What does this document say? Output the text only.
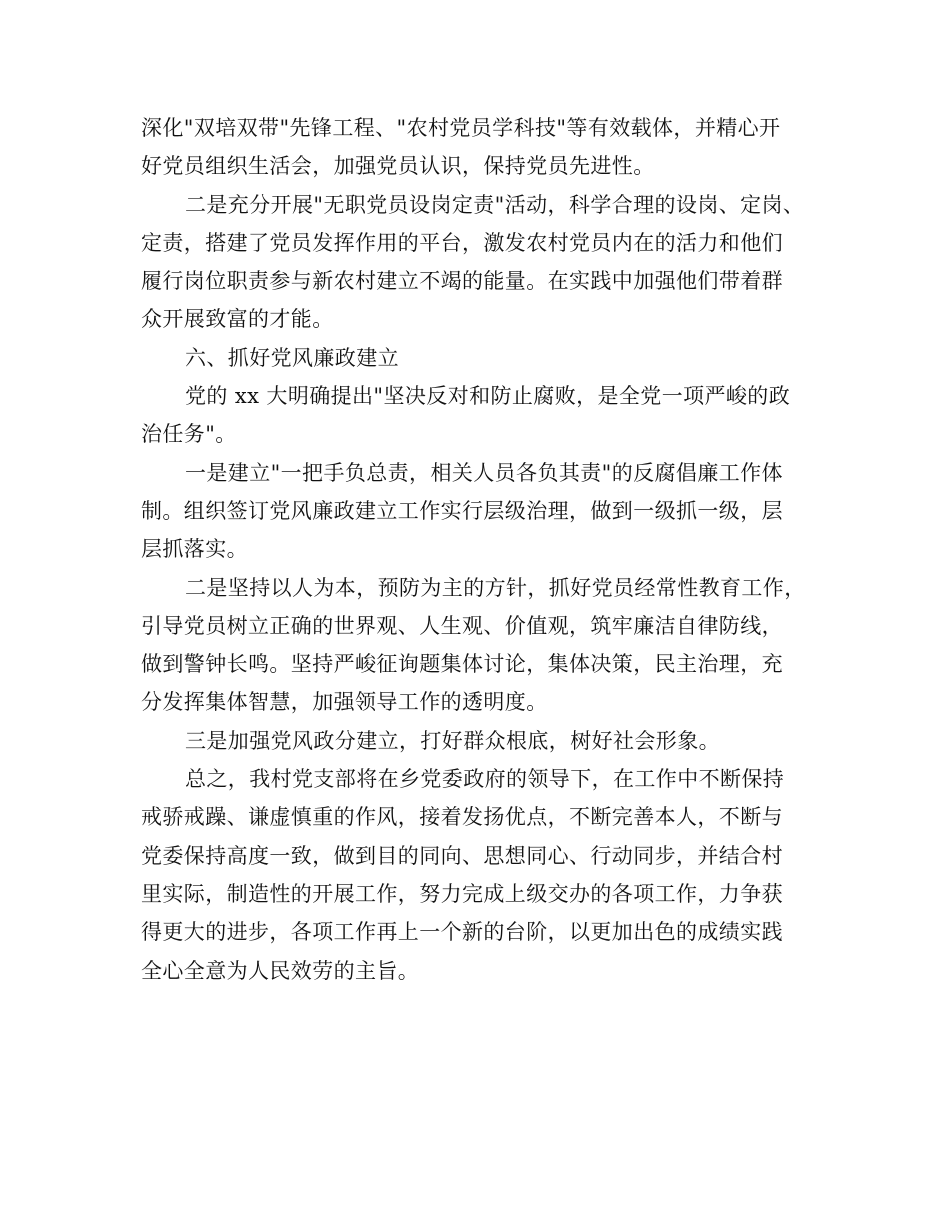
深化"双培双带"先锋工程、"农村党员学科技"等有效载体，并精心开
好党员组织生活会，加强党员认识，保持党员先进性。

二是充分开展"无职党员设岗定责"活动，科学合理的设岗、定岗、
定责，搭建了党员发挥作用的平台，激发农村党员内在的活力和他们
履行岗位职责参与新农村建立不竭的能量。在实践中加强他们带着群
众开展致富的才能。

六、抓好党风廉政建立

党的 xx 大明确提出"坚决反对和防止腐败，是全党一项严峻的政
治任务"。

一是建立"一把手负总责，相关人员各负其责"的反腐倡廉工作体
制。组织签订党风廉政建立工作实行层级治理，做到一级抓一级，层
层抓落实。

二是坚持以人为本，预防为主的方针，抓好党员经常性教育工作，
引导党员树立正确的世界观、人生观、价值观，筑牢廉洁自律防线，
做到警钟长鸣。坚持严峻征询题集体讨论，集体决策，民主治理，充
分发挥集体智慧，加强领导工作的透明度。

三是加强党风政分建立，打好群众根底，树好社会形象。

总之，我村党支部将在乡党委政府的领导下，在工作中不断保持
戒骄戒躁、谦虚慎重的作风，接着发扬优点，不断完善本人，不断与
党委保持高度一致，做到目的同向、思想同心、行动同步，并结合村
里实际，制造性的开展工作，努力完成上级交办的各项工作，力争获
得更大的进步，各项工作再上一个新的台阶，以更加出色的成绩实践
全心全意为人民效劳的主旨。
